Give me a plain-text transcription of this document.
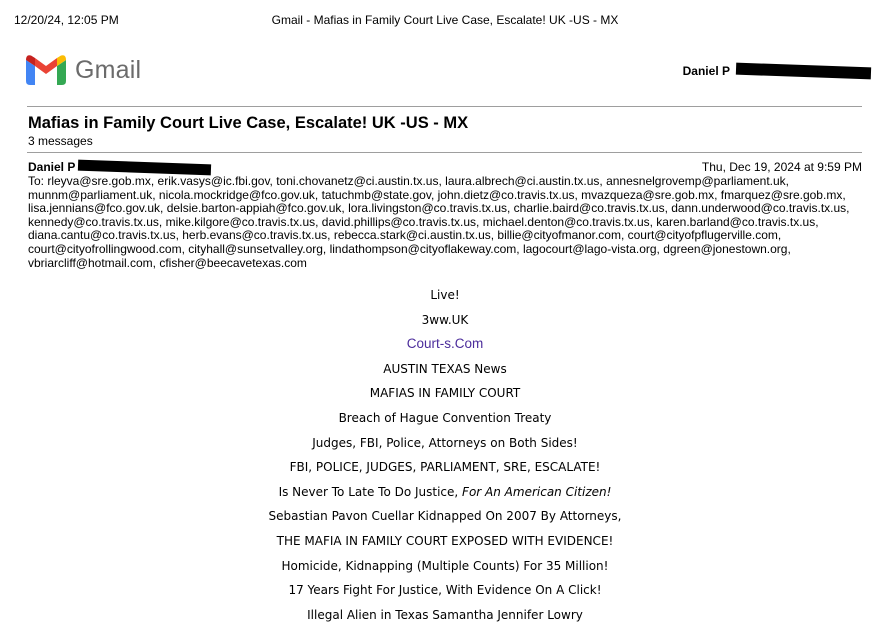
12/20/24, 12:05 PM	Gmail - Mafias in Family Court Live Case, Escalate! UK -US - MX
Gmail	Daniel P
Mafias in Family Court Live Case, Escalate! UK -US - MX
3 messages
Daniel P	Thu, Dec 19, 2024 at 9:59 PM
To: rleyva@sre.gob.mx, erik.vasys@ic.fbi.gov, toni.chovanetz@ci.austin.tx.us, laura.albrech@ci.austin.tx.us, annesnelgrovemp@parliament.uk,
munnm@parliament.uk, nicola.mockridge@fco.gov.uk, tatuchmb@state.gov, john.dietz@co.travis.tx.us, mvazqueza@sre.gob.mx, fmarquez@sre.gob.mx,
lisa.jennians@fco.gov.uk, delsie.barton-appiah@fco.gov.uk, lora.livingston@co.travis.tx.us, charlie.baird@co.travis.tx.us, dann.underwood@co.travis.tx.us,
kennedy@co.travis.tx.us, mike.kilgore@co.travis.tx.us, david.phillips@co.travis.tx.us, michael.denton@co.travis.tx.us, karen.barland@co.travis.tx.us,
diana.cantu@co.travis.tx.us, herb.evans@co.travis.tx.us, rebecca.stark@ci.austin.tx.us, billie@cityofmanor.com, court@cityofpflugerville.com,
court@cityofrollingwood.com, cityhall@sunsetvalley.org, lindathompson@cityoflakeway.com, lagocourt@lago-vista.org, dgreen@jonestown.org,
vbriarcliff@hotmail.com, cfisher@beecavetexas.com
Live!
3ww.UK
Court-s.Com
AUSTIN TEXAS News
MAFIAS IN FAMILY COURT
Breach of Hague Convention Treaty
Judges, FBI, Police, Attorneys on Both Sides!
FBI, POLICE, JUDGES, PARLIAMENT, SRE, ESCALATE!
Is Never To Late To Do Justice, For An American Citizen!
Sebastian Pavon Cuellar Kidnapped On 2007 By Attorneys,
THE MAFIA IN FAMILY COURT EXPOSED WITH EVIDENCE!
Homicide, Kidnapping (Multiple Counts) For 35 Million!
17 Years Fight For Justice, With Evidence On A Click!
Illegal Alien in Texas Samantha Jennifer Lowry
